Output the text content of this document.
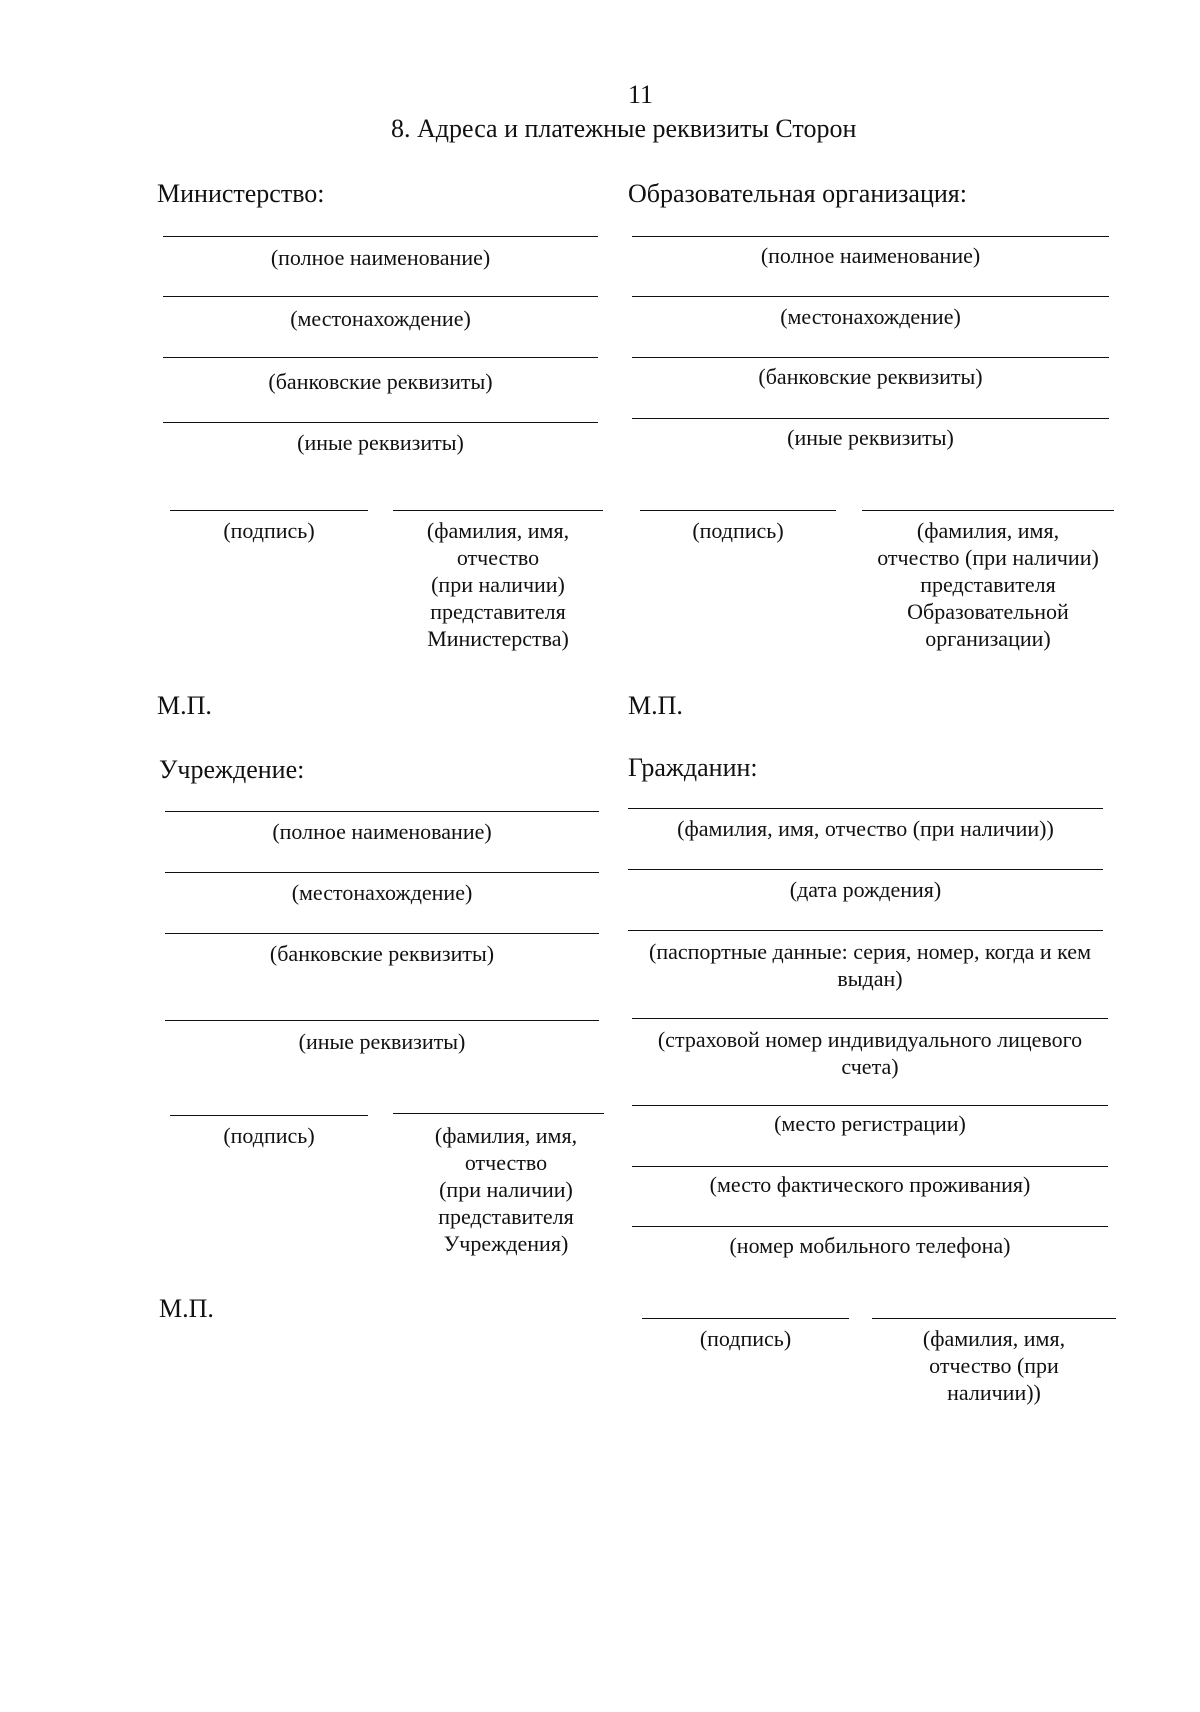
11
8. Адреса и платежные реквизиты Сторон
Министерство:
(полное наименование)
(местонахождение)
(банковские реквизиты)
(иные реквизиты)
(подпись)	(фамилия, имя,
отчество
(при наличии)
представителя
Министерства)
М.П.
Образовательная организация:
(полное наименование)
(местонахождение)
(банковские реквизиты)
(иные реквизиты)
(подпись)	(фамилия, имя,
отчество (при наличии)
представителя
Образовательной
организации)
М.П.
Учреждение:
(полное наименование)
(местонахождение)
(банковские реквизиты)
(иные реквизиты)
(подпись)	(фамилия, имя,
отчество
(при наличии)
представителя
Учреждения)
М.П.
Гражданин:
(фамилия, имя, отчество (при наличии))
(дата рождения)
(паспортные данные: серия, номер, когда и кем
выдан)
(страховой номер индивидуального лицевого
счета)
(место регистрации)
(место фактического проживания)
(номер мобильного телефона)
(подпись)	(фамилия, имя,
отчество (при
наличии))
